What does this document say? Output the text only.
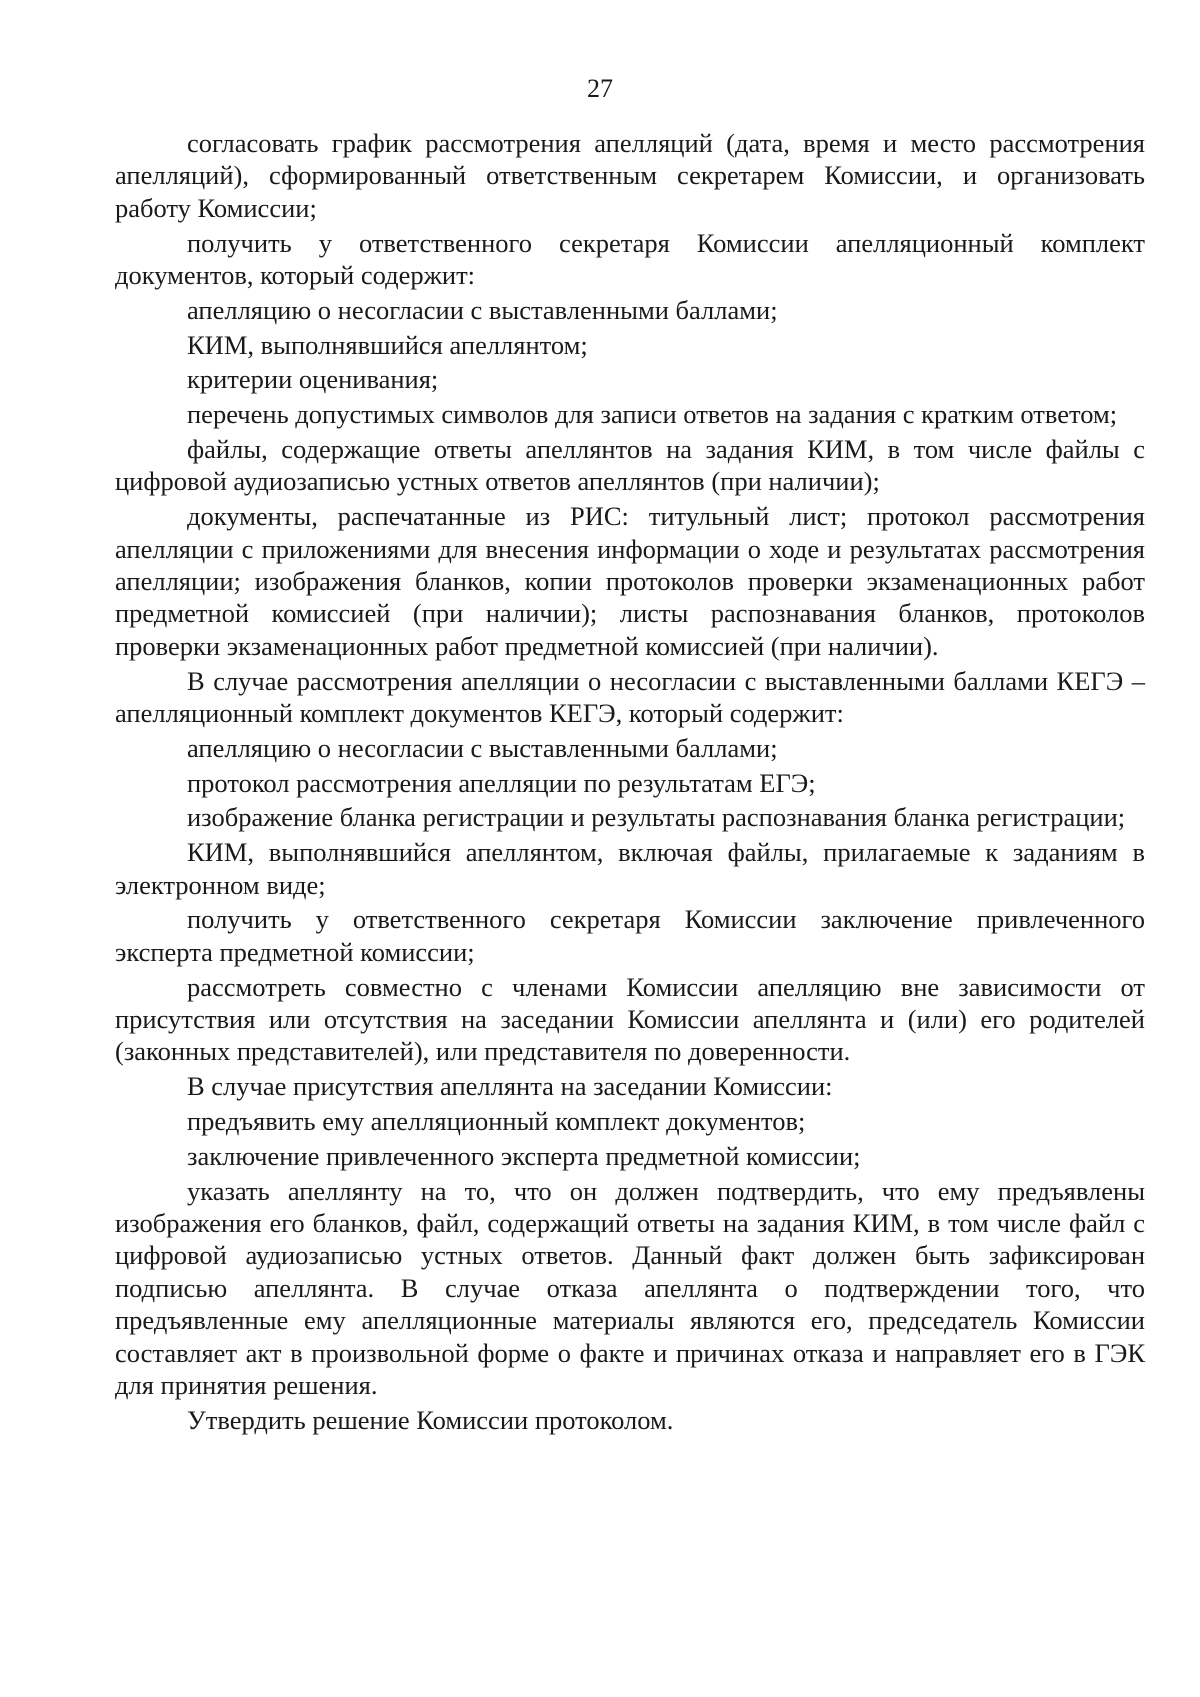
27

согласовать график рассмотрения апелляций (дата, время и место рассмотрения апелляций), сформированный ответственным секретарем Комиссии, и организовать работу Комиссии;

получить у ответственного секретаря Комиссии апелляционный комплект документов, который содержит:

апелляцию о несогласии с выставленными баллами;

КИМ, выполнявшийся апеллянтом;

критерии оценивания;

перечень допустимых символов для записи ответов на задания с кратким ответом;

файлы, содержащие ответы апеллянтов на задания КИМ, в том числе файлы с цифровой аудиозаписью устных ответов апеллянтов (при наличии);

документы, распечатанные из РИС: титульный лист; протокол рассмотрения апелляции с приложениями для внесения информации о ходе и результатах рассмотрения апелляции; изображения бланков, копии протоколов проверки экзаменационных работ предметной комиссией (при наличии); листы распознавания бланков, протоколов проверки экзаменационных работ предметной комиссией (при наличии).

В случае рассмотрения апелляции о несогласии с выставленными баллами КЕГЭ – апелляционный комплект документов КЕГЭ, который содержит:

апелляцию о несогласии с выставленными баллами;

протокол рассмотрения апелляции по результатам ЕГЭ;

изображение бланка регистрации и результаты распознавания бланка регистрации;

КИМ, выполнявшийся апеллянтом, включая файлы, прилагаемые к заданиям в электронном виде;

получить у ответственного секретаря Комиссии заключение привлеченного эксперта предметной комиссии;

рассмотреть совместно с членами Комиссии апелляцию вне зависимости от присутствия или отсутствия на заседании Комиссии апеллянта и (или) его родителей (законных представителей), или представителя по доверенности.

В случае присутствия апеллянта на заседании Комиссии:

предъявить ему апелляционный комплект документов;

заключение привлеченного эксперта предметной комиссии;

указать апеллянту на то, что он должен подтвердить, что ему предъявлены изображения его бланков, файл, содержащий ответы на задания КИМ, в том числе файл с цифровой аудиозаписью устных ответов. Данный факт должен быть зафиксирован подписью апеллянта. В случае отказа апеллянта о подтверждении того, что предъявленные ему апелляционные материалы являются его, председатель Комиссии составляет акт в произвольной форме о факте и причинах отказа и направляет его в ГЭК для принятия решения.

Утвердить решение Комиссии протоколом.
